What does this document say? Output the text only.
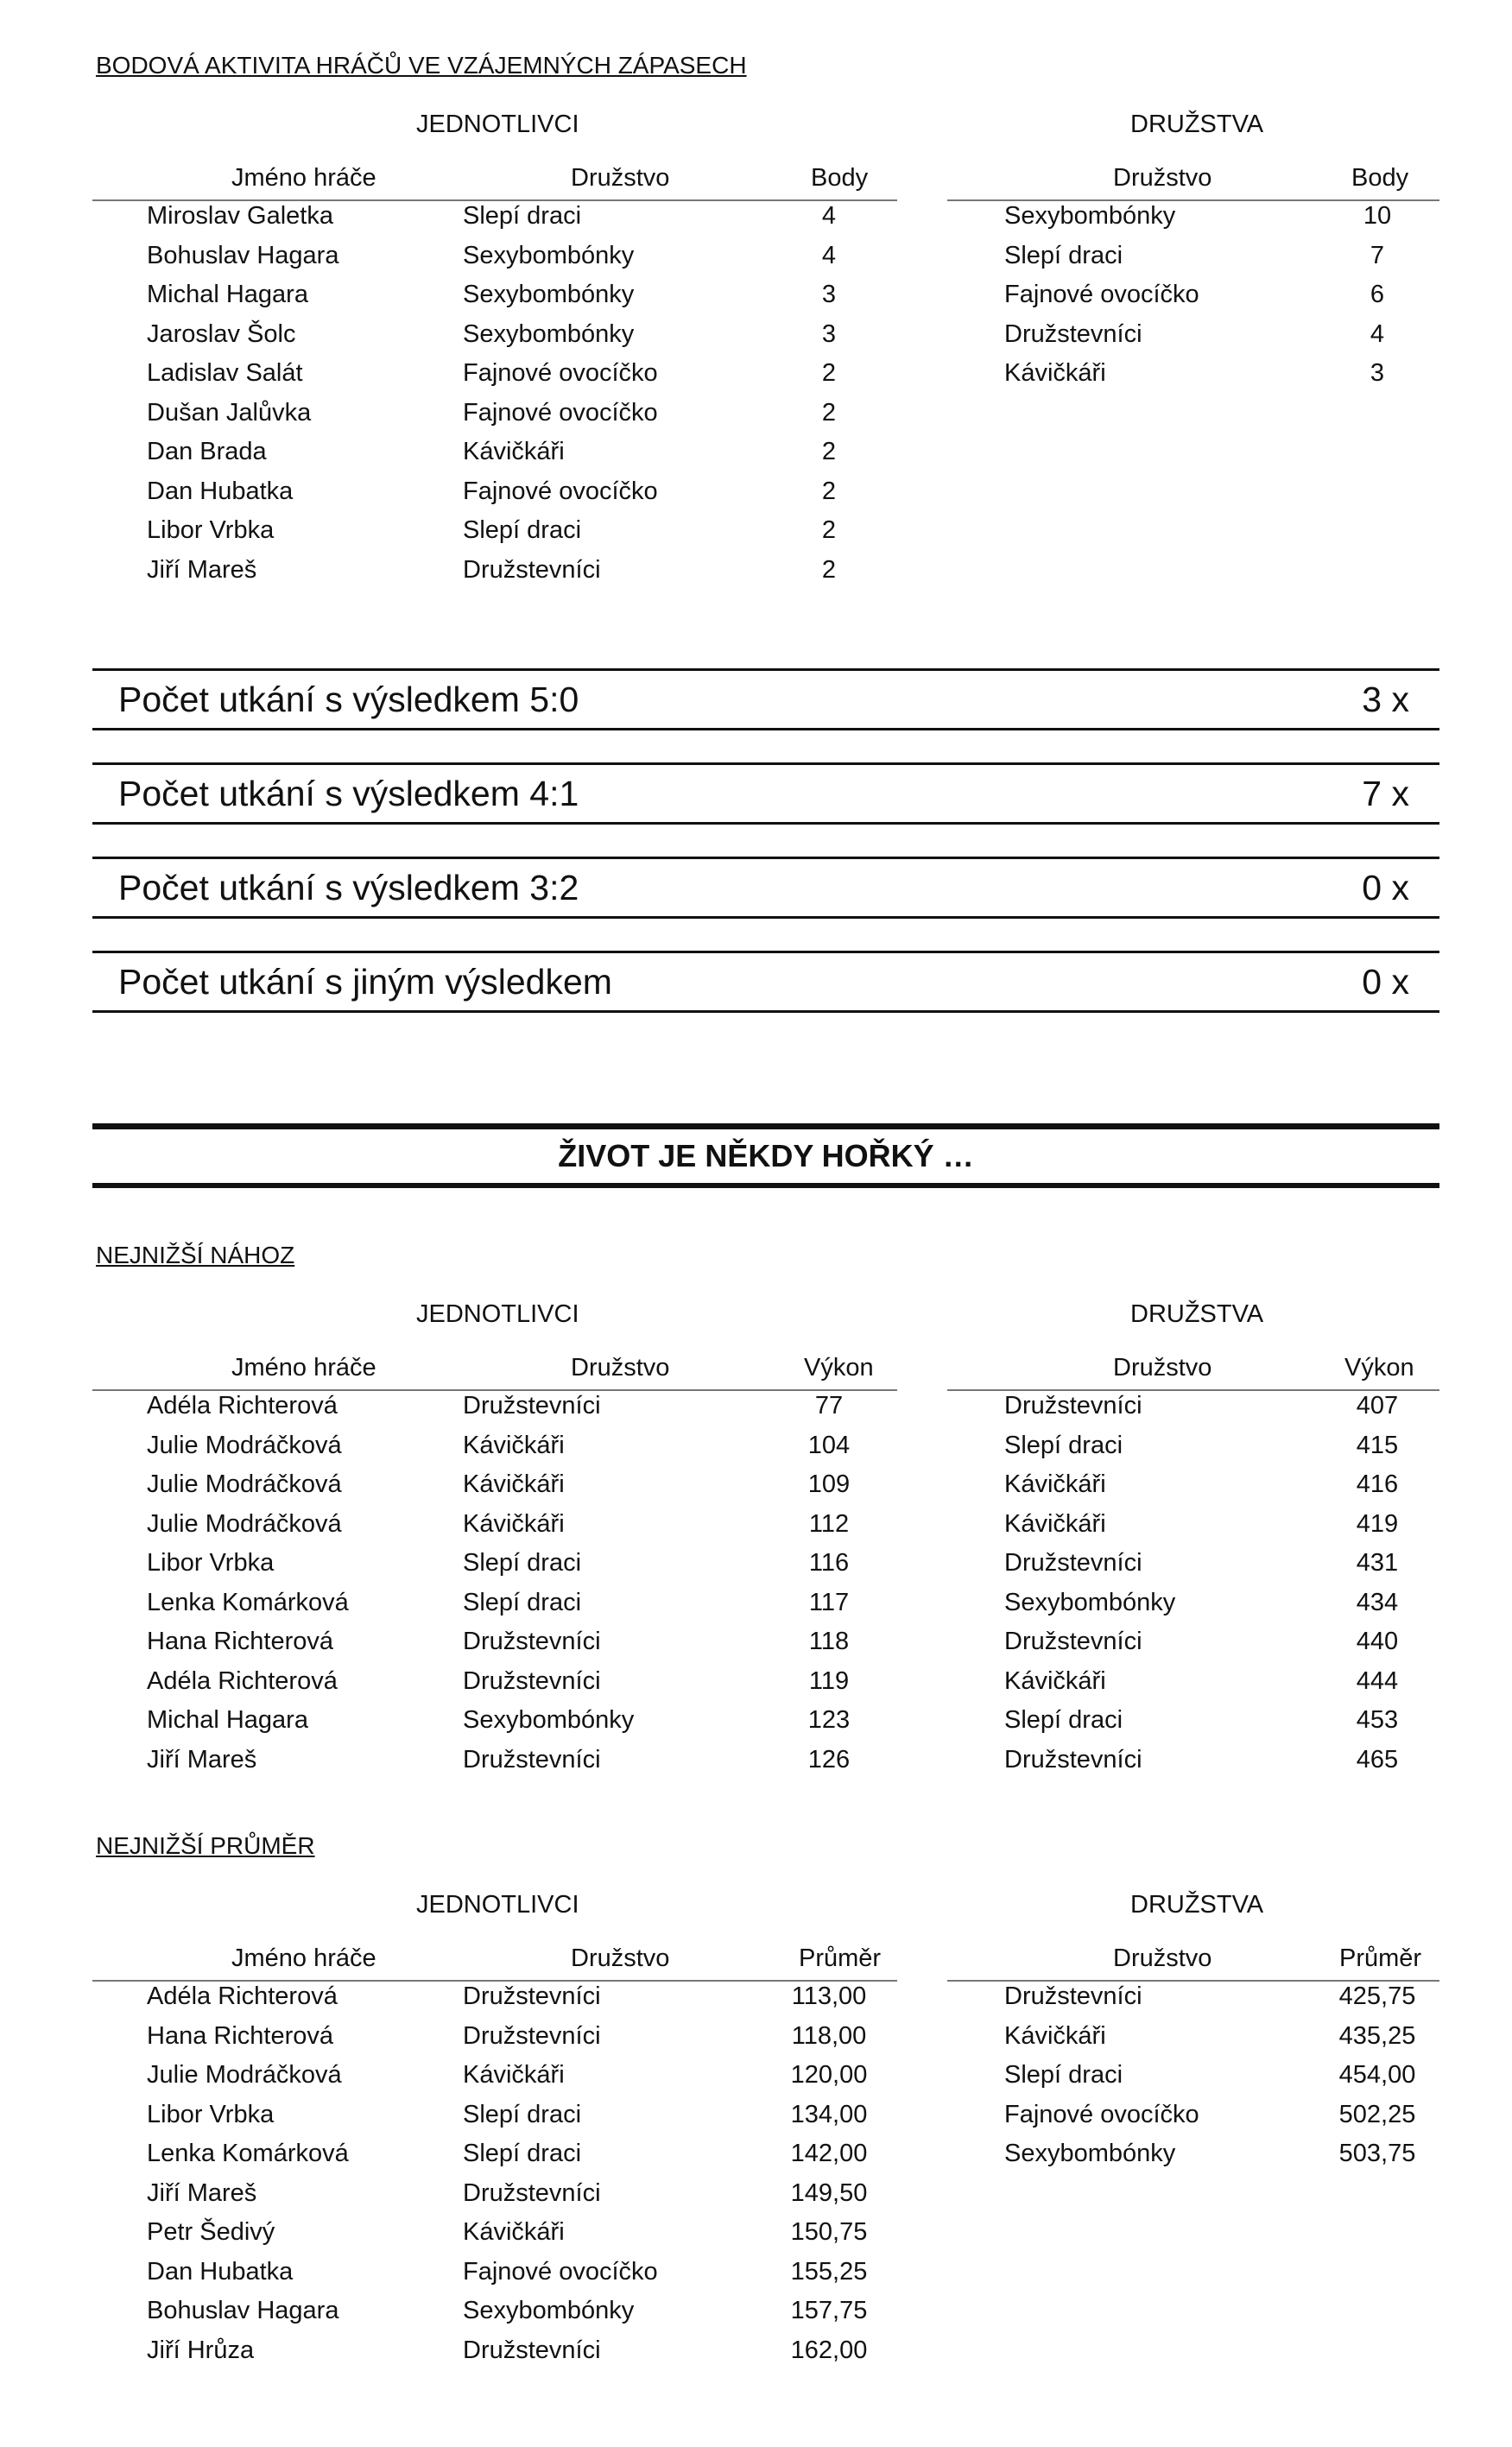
BODOVÁ AKTIVITA HRÁČŮ VE VZÁJEMNÝCH ZÁPASECH
JEDNOTLIVCI	DRUŽSTVA
Jméno hráče	Družstvo	Body
Miroslav Galetka	Slepí draci	4
Bohuslav Hagara	Sexybombónky	4
Michal Hagara	Sexybombónky	3
Jaroslav Šolc	Sexybombónky	3
Ladislav Salát	Fajnové ovocíčko	2
Dušan Jalůvka	Fajnové ovocíčko	2
Dan Brada	Kávičkáři	2
Dan Hubatka	Fajnové ovocíčko	2
Libor Vrbka	Slepí draci	2
Jiří Mareš	Družstevníci	2
Družstvo	Body
Sexybombónky	10
Slepí draci	7
Fajnové ovocíčko	6
Družstevníci	4
Kávičkáři	3
Počet utkání s výsledkem 5:0	3 x
Počet utkání s výsledkem 4:1	7 x
Počet utkání s výsledkem 3:2	0 x
Počet utkání s jiným výsledkem	0 x
ŽIVOT JE NĚKDY HOŘKÝ …
NEJNIŽŠÍ NÁHOZ
JEDNOTLIVCI	DRUŽSTVA
Jméno hráče	Družstvo	Výkon
Adéla Richterová	Družstevníci	77
Julie Modráčková	Kávičkáři	104
Julie Modráčková	Kávičkáři	109
Julie Modráčková	Kávičkáři	112
Libor Vrbka	Slepí draci	116
Lenka Komárková	Slepí draci	117
Hana Richterová	Družstevníci	118
Adéla Richterová	Družstevníci	119
Michal Hagara	Sexybombónky	123
Jiří Mareš	Družstevníci	126
Družstvo	Výkon
Družstevníci	407
Slepí draci	415
Kávičkáři	416
Kávičkáři	419
Družstevníci	431
Sexybombónky	434
Družstevníci	440
Kávičkáři	444
Slepí draci	453
Družstevníci	465
NEJNIŽŠÍ PRŮMĚR
JEDNOTLIVCI	DRUŽSTVA
Jméno hráče	Družstvo	Průměr
Adéla Richterová	Družstevníci	113,00
Hana Richterová	Družstevníci	118,00
Julie Modráčková	Kávičkáři	120,00
Libor Vrbka	Slepí draci	134,00
Lenka Komárková	Slepí draci	142,00
Jiří Mareš	Družstevníci	149,50
Petr Šedivý	Kávičkáři	150,75
Dan Hubatka	Fajnové ovocíčko	155,25
Bohuslav Hagara	Sexybombónky	157,75
Jiří Hrůza	Družstevníci	162,00
Družstvo	Průměr
Družstevníci	425,75
Kávičkáři	435,25
Slepí draci	454,00
Fajnové ovocíčko	502,25
Sexybombónky	503,75
